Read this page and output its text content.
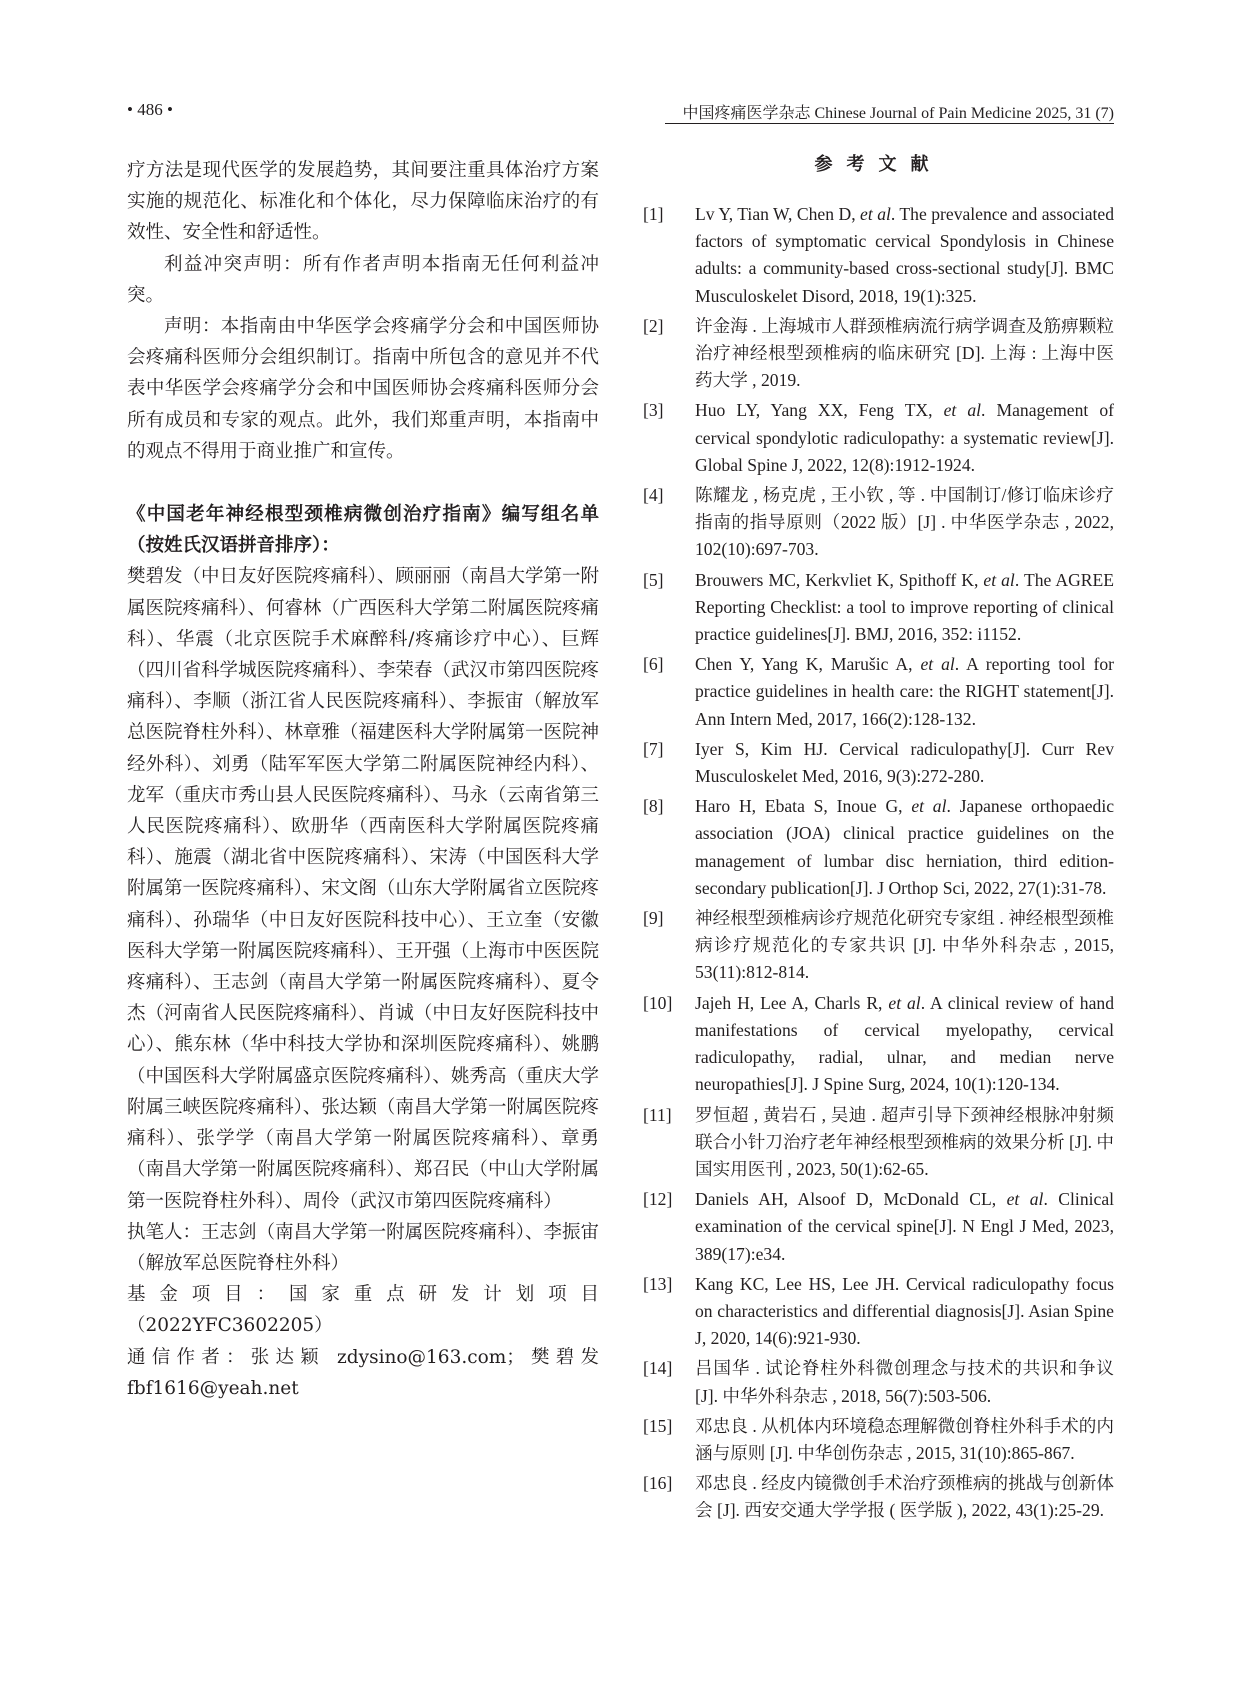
• 486 •	中国疼痛医学杂志 Chinese Journal of Pain Medicine 2025, 31 (7)

疗方法是现代医学的发展趋势，其间要注重具体治疗方案实施的规范化、标准化和个体化，尽力保障临床治疗的有效性、安全性和舒适性。

利益冲突声明：所有作者声明本指南无任何利益冲突。

声明：本指南由中华医学会疼痛学分会和中国医师协会疼痛科医师分会组织制订。指南中所包含的意见并不代表中华医学会疼痛学分会和中国医师协会疼痛科医师分会所有成员和专家的观点。此外，我们郑重声明，本指南中的观点不得用于商业推广和宣传。

《中国老年神经根型颈椎病微创治疗指南》编写组名单（按姓氏汉语拼音排序）：

樊碧发（中日友好医院疼痛科）、顾丽丽（南昌大学第一附属医院疼痛科）、何睿林（广西医科大学第二附属医院疼痛科）、华震（北京医院手术麻醉科/疼痛诊疗中心）、巨辉（四川省科学城医院疼痛科）、李荣春（武汉市第四医院疼痛科）、李顺（浙江省人民医院疼痛科）、李振宙（解放军总医院脊柱外科）、林章雅（福建医科大学附属第一医院神经外科）、刘勇（陆军军医大学第二附属医院神经内科）、龙军（重庆市秀山县人民医院疼痛科）、马永（云南省第三人民医院疼痛科）、欧册华（西南医科大学附属医院疼痛科）、施震（湖北省中医院疼痛科）、宋涛（中国医科大学附属第一医院疼痛科）、宋文阁（山东大学附属省立医院疼痛科）、孙瑞华（中日友好医院科技中心）、王立奎（安徽医科大学第一附属医院疼痛科）、王开强（上海市中医医院疼痛科）、王志剑（南昌大学第一附属医院疼痛科）、夏令杰（河南省人民医院疼痛科）、肖诚（中日友好医院科技中心）、熊东林（华中科技大学协和深圳医院疼痛科）、姚鹏（中国医科大学附属盛京医院疼痛科）、姚秀高（重庆大学附属三峡医院疼痛科）、张达颖（南昌大学第一附属医院疼痛科）、张学学（南昌大学第一附属医院疼痛科）、章勇（南昌大学第一附属医院疼痛科）、郑召民（中山大学附属第一医院脊柱外科）、周伶（武汉市第四医院疼痛科）

执笔人：王志剑（南昌大学第一附属医院疼痛科）、李振宙（解放军总医院脊柱外科）

基金项目：国家重点研发计划项目（2022YFC3602205）

通信作者：张达颖 zdysino@163.com；樊碧发 fbf1616@yeah.net

参考文献
[1] Lv Y, Tian W, Chen D, et al. The prevalence and associated factors of symptomatic cervical Spondylosis in Chinese adults: a community-based cross-sectional study[J]. BMC Musculoskelet Disord, 2018, 19(1):325.
[2] 许金海 . 上海城市人群颈椎病流行病学调查及筋痹颗粒治疗神经根型颈椎病的临床研究 [D]. 上海 : 上海中医药大学 , 2019.
[3] Huo LY, Yang XX, Feng TX, et al. Management of cervical spondylotic radiculopathy: a systematic review[J]. Global Spine J, 2022, 12(8):1912-1924.
[4] 陈耀龙 , 杨克虎 , 王小钦 , 等 . 中国制订/修订临床诊疗指南的指导原则（2022 版）[J] . 中华医学杂志 , 2022, 102(10):697-703.
[5] Brouwers MC, Kerkvliet K, Spithoff K, et al. The AGREE Reporting Checklist: a tool to improve reporting of clinical practice guidelines[J]. BMJ, 2016, 352: i1152.
[6] Chen Y, Yang K, Marušic A, et al. A reporting tool for practice guidelines in health care: the RIGHT statement[J]. Ann Intern Med, 2017, 166(2):128-132.
[7] Iyer S, Kim HJ. Cervical radiculopathy[J]. Curr Rev Musculoskelet Med, 2016, 9(3):272-280.
[8] Haro H, Ebata S, Inoue G, et al. Japanese orthopaedic association (JOA) clinical practice guidelines on the management of lumbar disc herniation, third edition-secondary publication[J]. J Orthop Sci, 2022, 27(1):31-78.
[9] 神经根型颈椎病诊疗规范化研究专家组 . 神经根型颈椎病诊疗规范化的专家共识 [J]. 中华外科杂志 , 2015, 53(11):812-814.
[10] Jajeh H, Lee A, Charls R, et al. A clinical review of hand manifestations of cervical myelopathy, cervical radiculopathy, radial, ulnar, and median nerve neuropathies[J]. J Spine Surg, 2024, 10(1):120-134.
[11] 罗恒超 , 黄岩石 , 吴迪 . 超声引导下颈神经根脉冲射频联合小针刀治疗老年神经根型颈椎病的效果分析 [J]. 中国实用医刊 , 2023, 50(1):62-65.
[12] Daniels AH, Alsoof D, McDonald CL, et al. Clinical examination of the cervical spine[J]. N Engl J Med, 2023, 389(17):e34.
[13] Kang KC, Lee HS, Lee JH. Cervical radiculopathy focus on characteristics and differential diagnosis[J]. Asian Spine J, 2020, 14(6):921-930.
[14] 吕国华 . 试论脊柱外科微创理念与技术的共识和争议 [J]. 中华外科杂志 , 2018, 56(7):503-506.
[15] 邓忠良 . 从机体内环境稳态理解微创脊柱外科手术的内涵与原则 [J]. 中华创伤杂志 , 2015, 31(10):865-867.
[16] 邓忠良 . 经皮内镜微创手术治疗颈椎病的挑战与创新体会 [J]. 西安交通大学学报 ( 医学版 ), 2022, 43(1):25-29.
